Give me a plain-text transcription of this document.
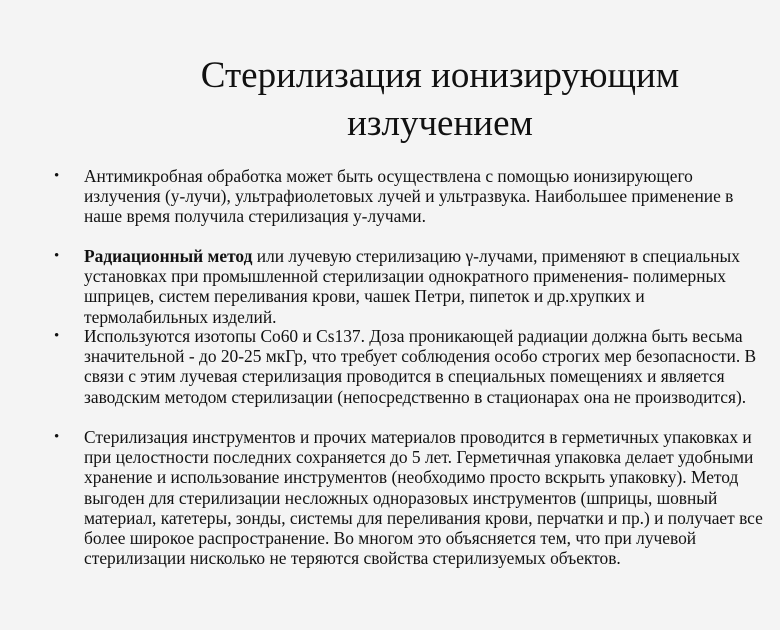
Стерилизация ионизирующим излучением
• Антимикробная обработка может быть осуществлена с помощью ионизирующего излучения (у-лучи), ультрафиолетовых лучей и ультразвука. Наибольшее применение в наше время получила стерилизация у-лучами.
• Радиационный метод или лучевую стерилизацию γ-лучами, применяют в специальных установках при промышленной стерилизации однократного применения- полимерных шприцев, систем переливания крови, чашек Петри, пипеток и др.хрупких и термолабильных изделий.
• Используются изотопы Со60 и Cs137. Доза проникающей радиации должна быть весьма значительной - до 20-25 мкГр, что требует соблюдения особо строгих мер безопасности. В связи с этим лучевая стерилизация проводится в специальных помещениях и является заводским методом стерилизации (непосредственно в стационарах она не производится).
• Стерилизация инструментов и прочих материалов проводится в герметичных упаковках и при целостности последних сохраняется до 5 лет. Герметичная упаковка делает удобными хранение и использование инструментов (необходимо просто вскрыть упаковку). Метод выгоден для стерилизации несложных одноразовых инструментов (шприцы, шовный материал, катетеры, зонды, системы для переливания крови, перчатки и пр.) и получает все более широкое распространение. Во многом это объясняется тем, что при лучевой стерилизации нисколько не теряются свойства стерилизуемых объектов.
